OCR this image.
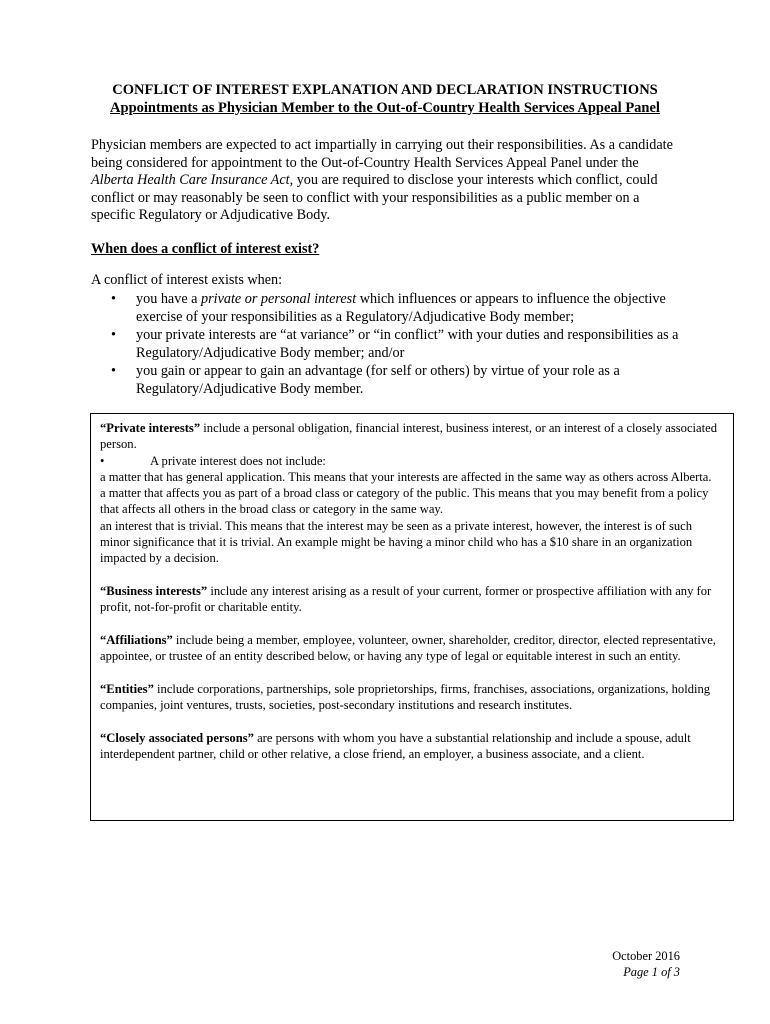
CONFLICT OF INTEREST EXPLANATION AND DECLARATION INSTRUCTIONS
Appointments as Physician Member to the Out-of-Country Health Services Appeal Panel
Physician members are expected to act impartially in carrying out their responsibilities. As a candidate being considered for appointment to the Out-of-Country Health Services Appeal Panel under the Alberta Health Care Insurance Act, you are required to disclose your interests which conflict, could conflict or may reasonably be seen to conflict with your responsibilities as a public member on a specific Regulatory or Adjudicative Body.
When does a conflict of interest exist?
A conflict of interest exists when:
• you have a private or personal interest which influences or appears to influence the objective exercise of your responsibilities as a Regulatory/Adjudicative Body member;
• your private interests are “at variance” or “in conflict” with your duties and responsibilities as a Regulatory/Adjudicative Body member; and/or
• you gain or appear to gain an advantage (for self or others) by virtue of your role as a Regulatory/Adjudicative Body member.

“Private interests” include a personal obligation, financial interest, business interest, or an interest of a closely associated person.

•	A private interest does not include:

a matter that has general application. This means that your interests are affected in the same way as others across Alberta.

a matter that affects you as part of a broad class or category of the public. This means that you may benefit from a policy that affects all others in the broad class or category in the same way.

an interest that is trivial. This means that the interest may be seen as a private interest, however, the interest is of such minor significance that it is trivial. An example might be having a minor child who has a $10 share in an organization impacted by a decision.

“Business interests” include any interest arising as a result of your current, former or prospective affiliation with any for profit, not-for-profit or charitable entity.

“Affiliations” include being a member, employee, volunteer, owner, shareholder, creditor, director, elected representative, appointee, or trustee of an entity described below, or having any type of legal or equitable interest in such an entity.

“Entities” include corporations, partnerships, sole proprietorships, firms, franchises, associations, organizations, holding companies, joint ventures, trusts, societies, post-secondary institutions and research institutes.

“Closely associated persons” are persons with whom you have a substantial relationship and include a spouse, adult interdependent partner, child or other relative, a close friend, an employer, a business associate, and a client.

October 2016
Page 1 of 3
